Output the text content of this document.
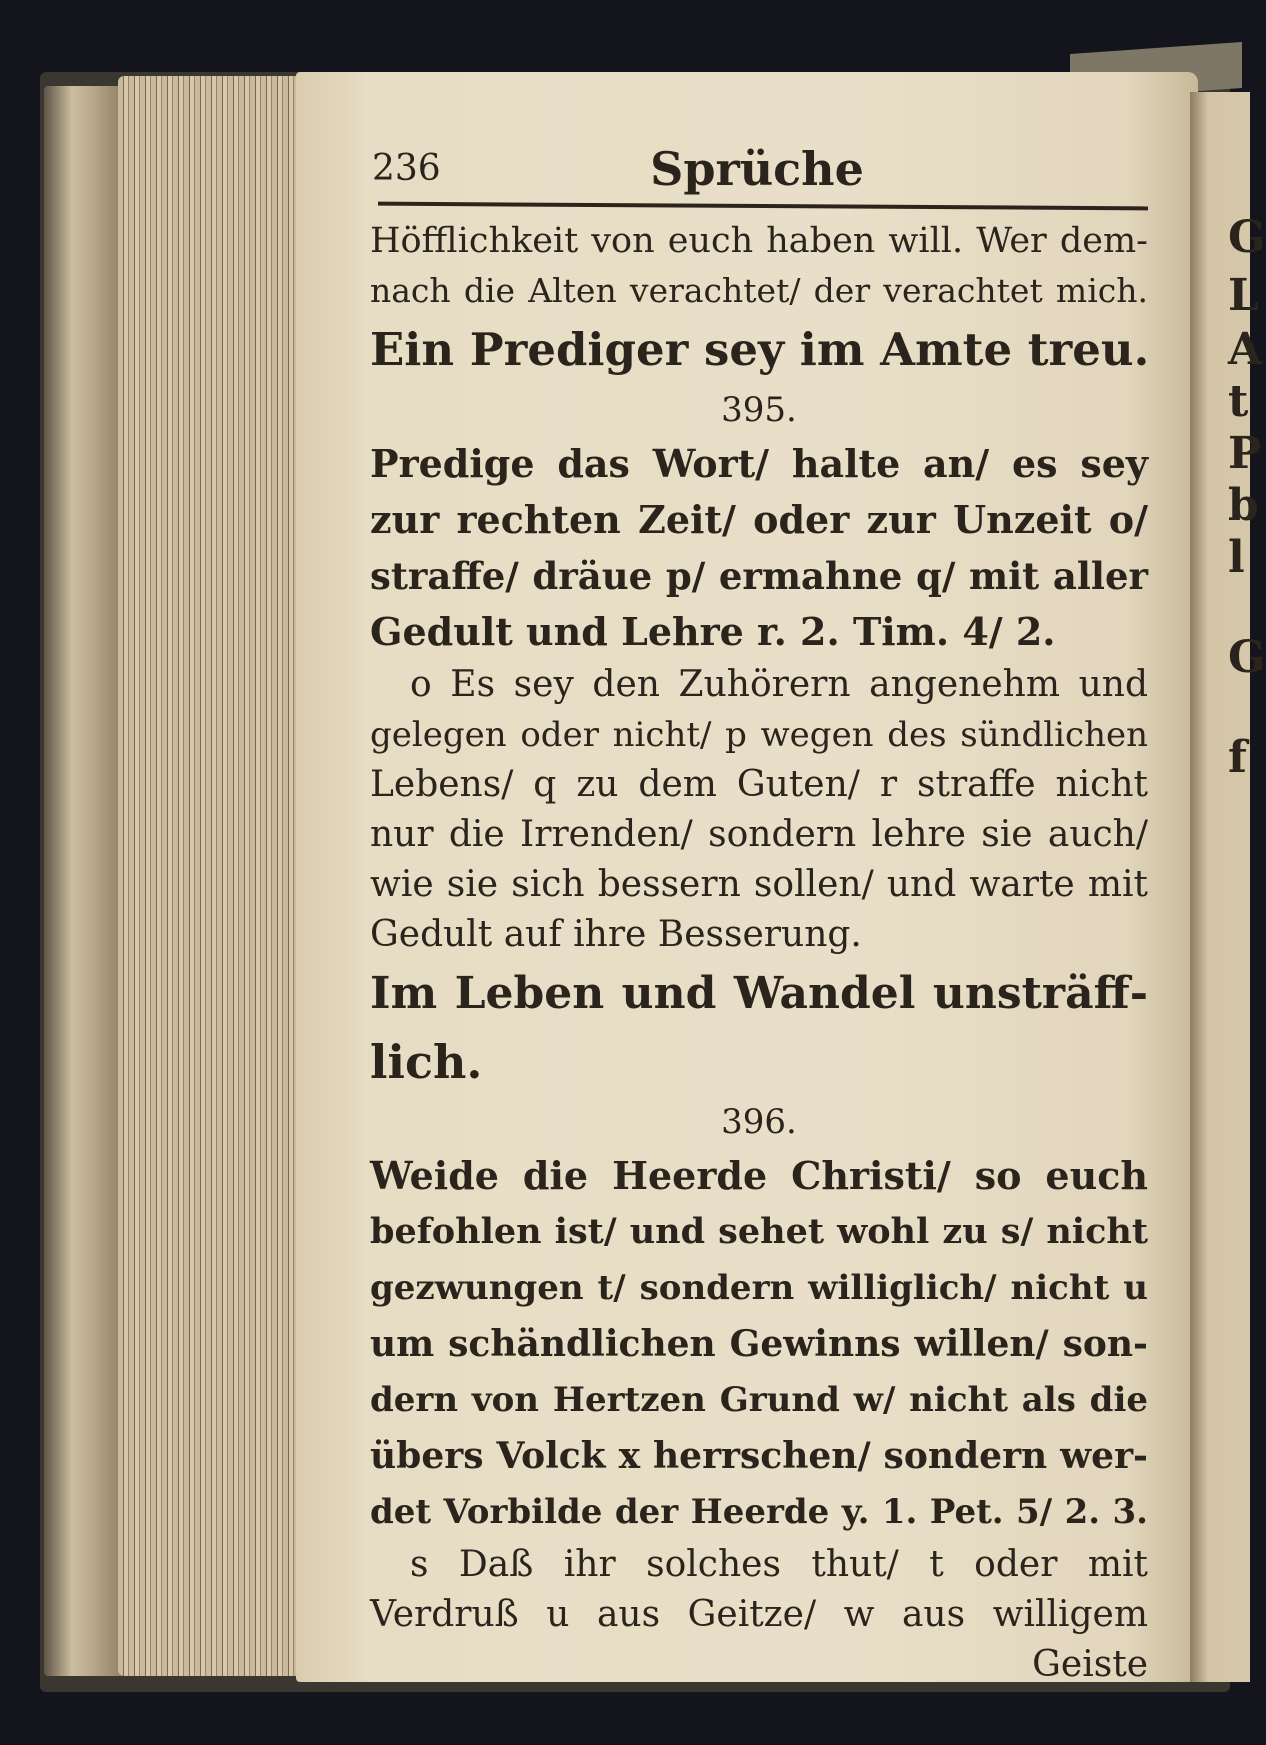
G
L
A
t
P
b
l
G
f
236	Sprüche
Höfflichkeit von euch haben will. Wer dem-
nach die Alten verachtet/ der verachtet mich.
Ein Prediger sey im Amte treu.
395.
Predige das Wort/ halte an/ es sey
zur rechten Zeit/ oder zur Unzeit o/
straffe/ dräue p/ ermahne q/ mit aller
Gedult und Lehre r. 2. Tim. 4/ 2.
o Es sey den Zuhörern angenehm und
gelegen oder nicht/ p wegen des sündlichen
Lebens/ q zu dem Guten/ r straffe nicht
nur die Irrenden/ sondern lehre sie auch/
wie sie sich bessern sollen/ und warte mit
Gedult auf ihre Besserung.
Im Leben und Wandel unsträff-
lich.
396.
Weide die Heerde Christi/ so euch
befohlen ist/ und sehet wohl zu s/ nicht
gezwungen t/ sondern williglich/ nicht u
um schändlichen Gewinns willen/ son-
dern von Hertzen Grund w/ nicht als die
übers Volck x herrschen/ sondern wer-
det Vorbilde der Heerde y. 1. Pet. 5/ 2. 3.
s Daß ihr solches thut/ t oder mit
Verdruß u aus Geitze/ w aus willigem
Geiste
